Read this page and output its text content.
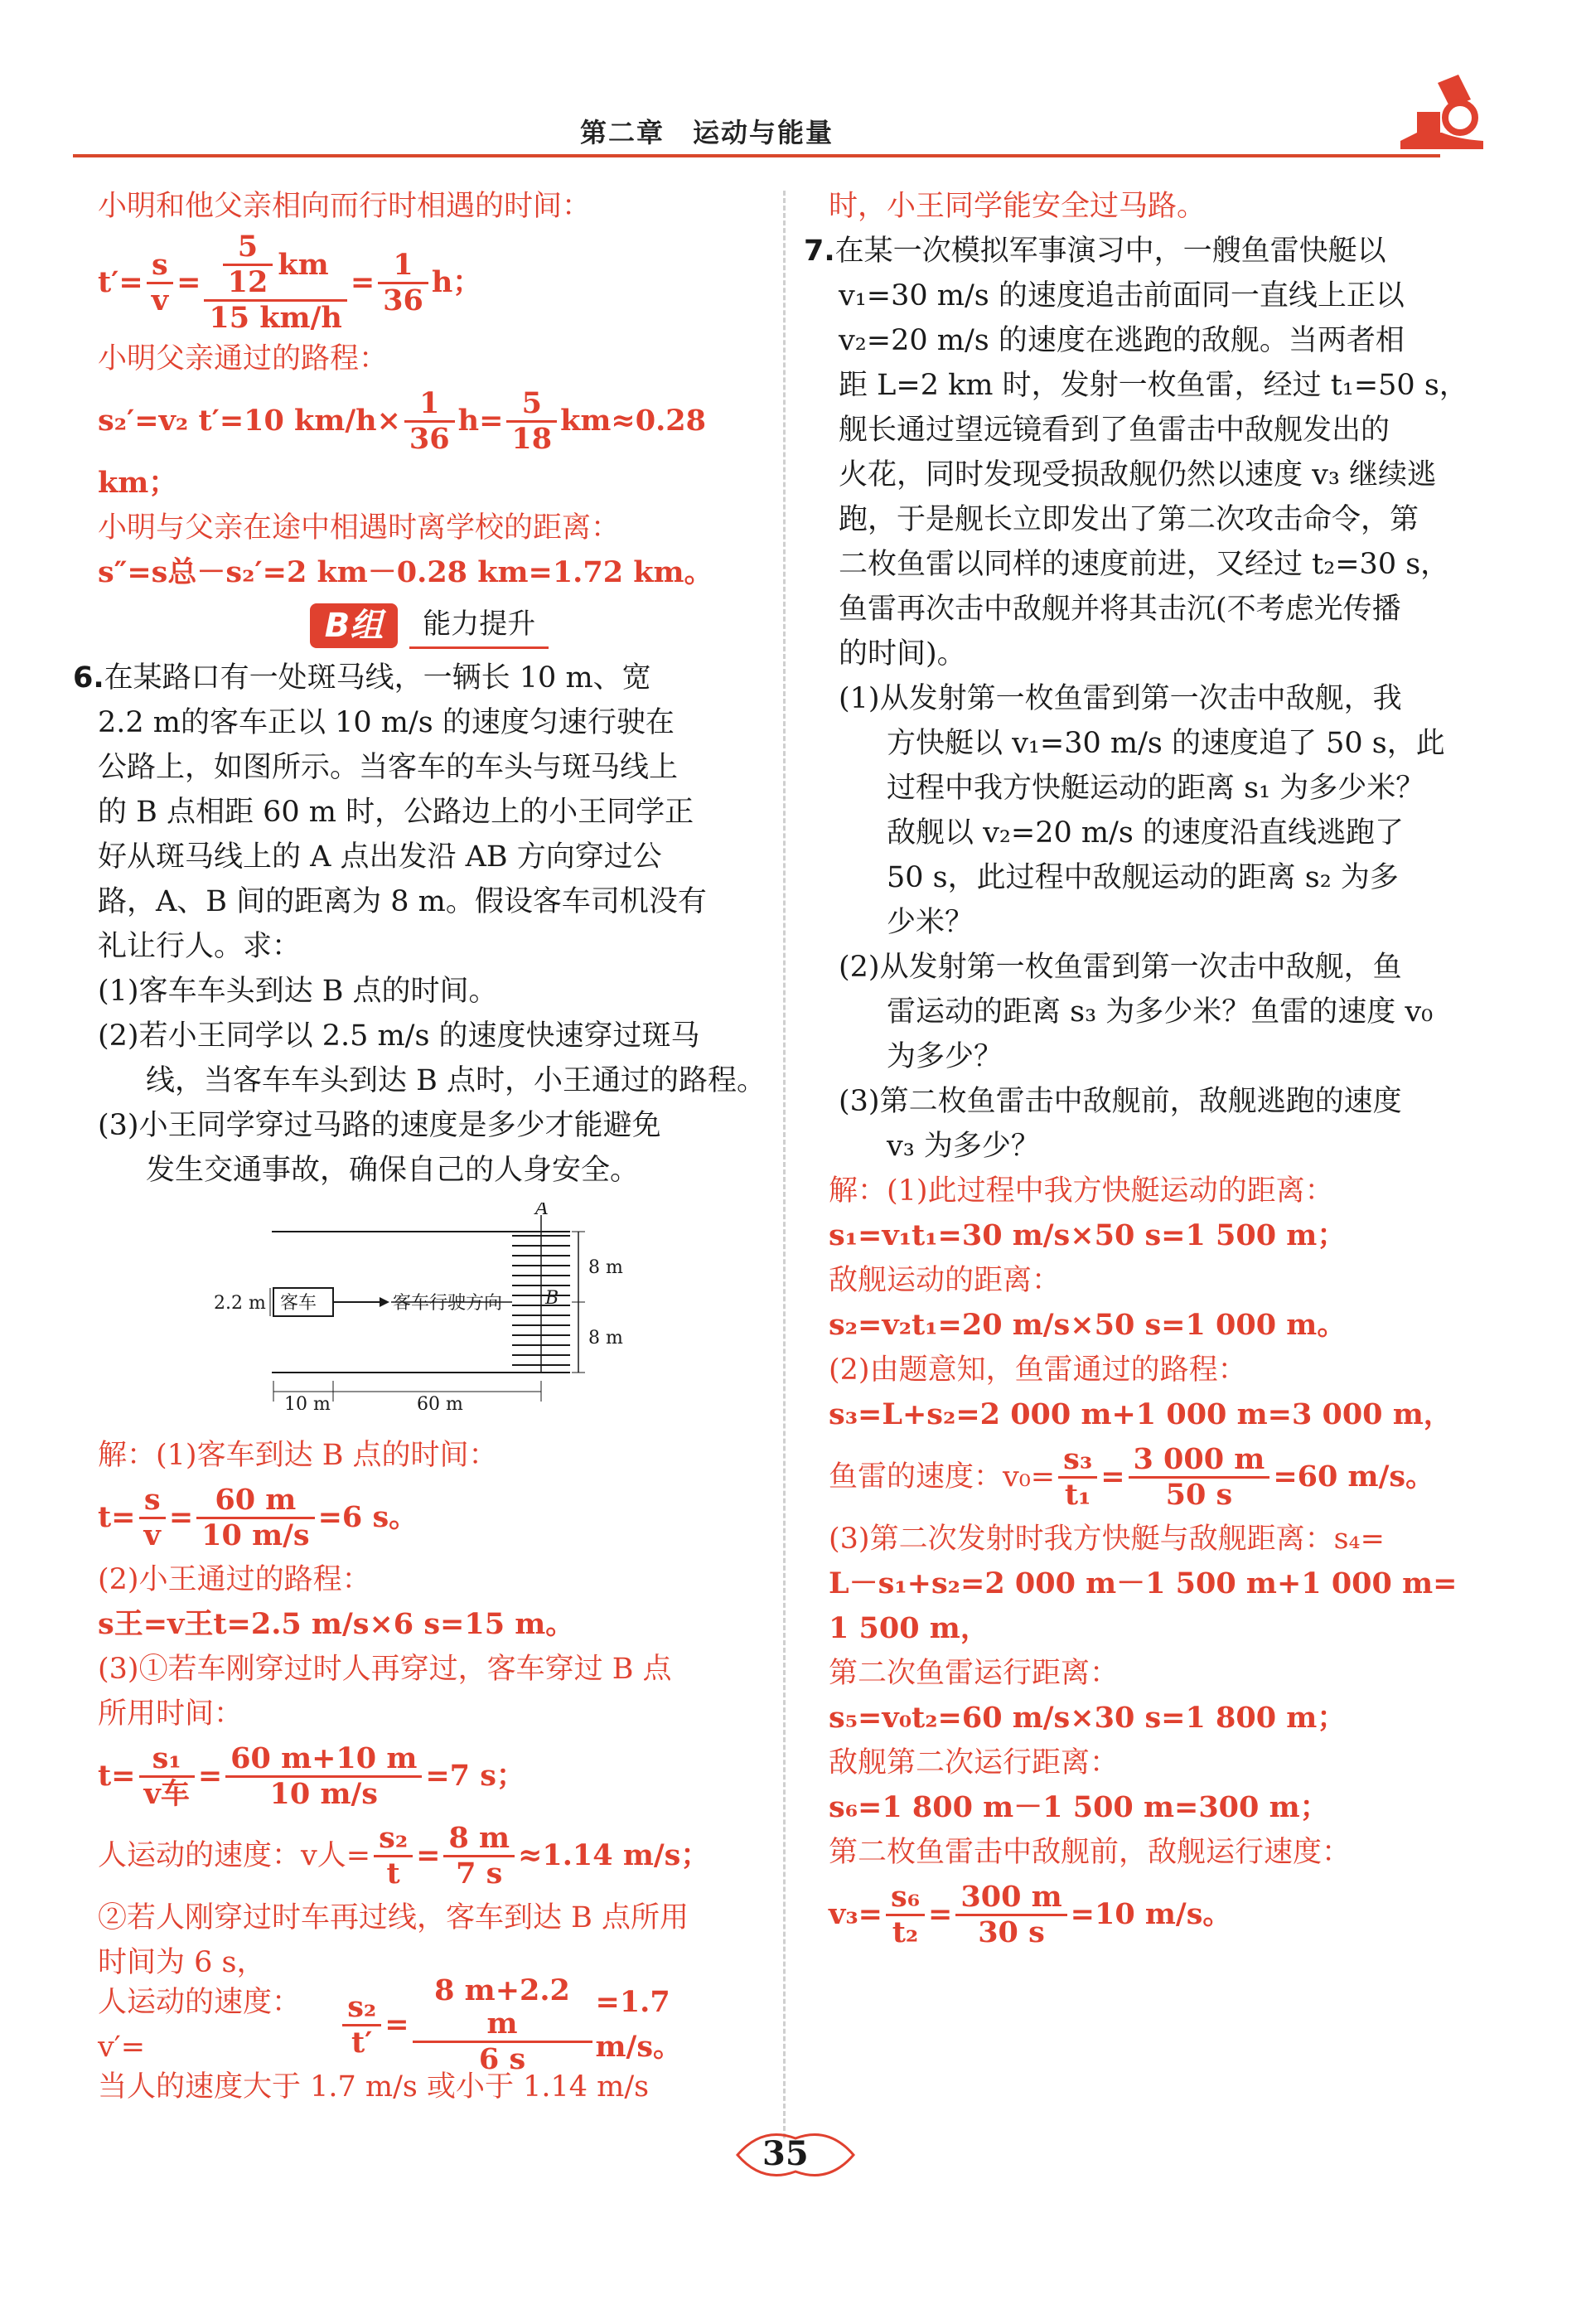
第二章　运动与能量
小明和他父亲相向而行时相遇的时间：
$t'= \frac{s}{v} = \frac{\frac{5}{12} km}{15 km/h} = \frac{1}{36}$ h；
小明父亲通过的路程：
s₂′=v₂ t′=10 $km/h\times \frac{1}{36} h= \frac{5}{18} km\approx 0.28$
km；
小明与父亲在途中相遇时离学校的距离：
s″=s总－s₂′=2 km－0.28 km=1.72 km。
B组	能力提升
6.在某路口有一处斑马线，一辆长 10 m、宽
2.2 m的客车正以 10 m/s 的速度匀速行驶在
公路上，如图所示。当客车的车头与斑马线上
的 B 点相距 60 m 时，公路边上的小王同学正
好从斑马线上的 A 点出发沿 AB 方向穿过公
路，A、B 间的距离为 8 m。假设客车司机没有
礼让行人。求：
(1)客车车头到达 B 点的时间。
(2)若小王同学以 2.5 m/s 的速度快速穿过斑马
线，当客车车头到达 B 点时，小王通过的路程。
(3)小王同学穿过马路的速度是多少才能避免
发生交通事故，确保自己的人身安全。
A
B
8 m
8 m
客车	客车行驶方向
2.2 m
10 m	60 m
解：(1)客车到达 B 点的时间：
$t= \frac{s}{v} = \frac{60 m}{10 m/s} =6$ s。
(2)小王通过的路程：
s王=v王t=2.5 m/s×6 s=15 m。
(3)①若车刚穿过时人再穿过，客车穿过 B 点
所用时间：
$t= \frac{\text{s₁}}{\text{v车}} = \frac{60 m+10 m}{10 m/s} =7$ s；
人运动的速度：v人= $\frac{\text{s₂}}{t} = \frac{8 m}{7 s} \approx 1.14$ m/s；
②若人刚穿过时车再过线，客车到达 B 点所用
时间为 6 s，
人运动的速度：v′=	$\frac{\text{s₂}}{t'} = \frac{8 m+2.2 m}{6 s} =1.7$ m/s。
当人的速度大于 1.7 m/s 或小于 1.14 m/s
时，小王同学能安全过马路。
7.在某一次模拟军事演习中，一艘鱼雷快艇以
v₁=30 m/s 的速度追击前面同一直线上正以
v₂=20 m/s 的速度在逃跑的敌舰。当两者相
距 L=2 km 时，发射一枚鱼雷，经过 t₁=50 s，
舰长通过望远镜看到了鱼雷击中敌舰发出的
火花，同时发现受损敌舰仍然以速度 v₃ 继续逃
跑，于是舰长立即发出了第二次攻击命令，第
二枚鱼雷以同样的速度前进，又经过 t₂=30 s，
鱼雷再次击中敌舰并将其击沉(不考虑光传播
的时间)。
(1)从发射第一枚鱼雷到第一次击中敌舰，我
方快艇以 v₁=30 m/s 的速度追了 50 s，此
过程中我方快艇运动的距离 s₁ 为多少米？
敌舰以 v₂=20 m/s 的速度沿直线逃跑了
50 s，此过程中敌舰运动的距离 s₂ 为多
少米？
(2)从发射第一枚鱼雷到第一次击中敌舰，鱼
雷运动的距离 s₃ 为多少米？鱼雷的速度 v₀
为多少？
(3)第二枚鱼雷击中敌舰前，敌舰逃跑的速度
v₃ 为多少？
解：(1)此过程中我方快艇运动的距离：
s₁=v₁t₁=30 m/s×50 s=1 500 m；
敌舰运动的距离：
s₂=v₂t₁=20 m/s×50 s=1 000 m。
(2)由题意知，鱼雷通过的路程：
s₃=L+s₂=2 000 m+1 000 m=3 000 m，
鱼雷的速度：$v_0= \frac{\text{s₃}}{\text{t₁}} = \frac{3 000 m}{50 s} =60$ m/s。
(3)第二次发射时我方快艇与敌舰距离：s₄=
L－s₁+s₂=2 000 m－1 500 m+1 000 m=
1 500 m，
第二次鱼雷运行距离：
s₅=v₀t₂=60 m/s×30 s=1 800 m；
敌舰第二次运行距离：
s₆=1 800 m－1 500 m=300 m；
第二枚鱼雷击中敌舰前，敌舰运行速度：
$v_3= \frac{\text{s₆}}{\text{t₂}} = \frac{300 m}{30 s} =10$ m/s。
35
